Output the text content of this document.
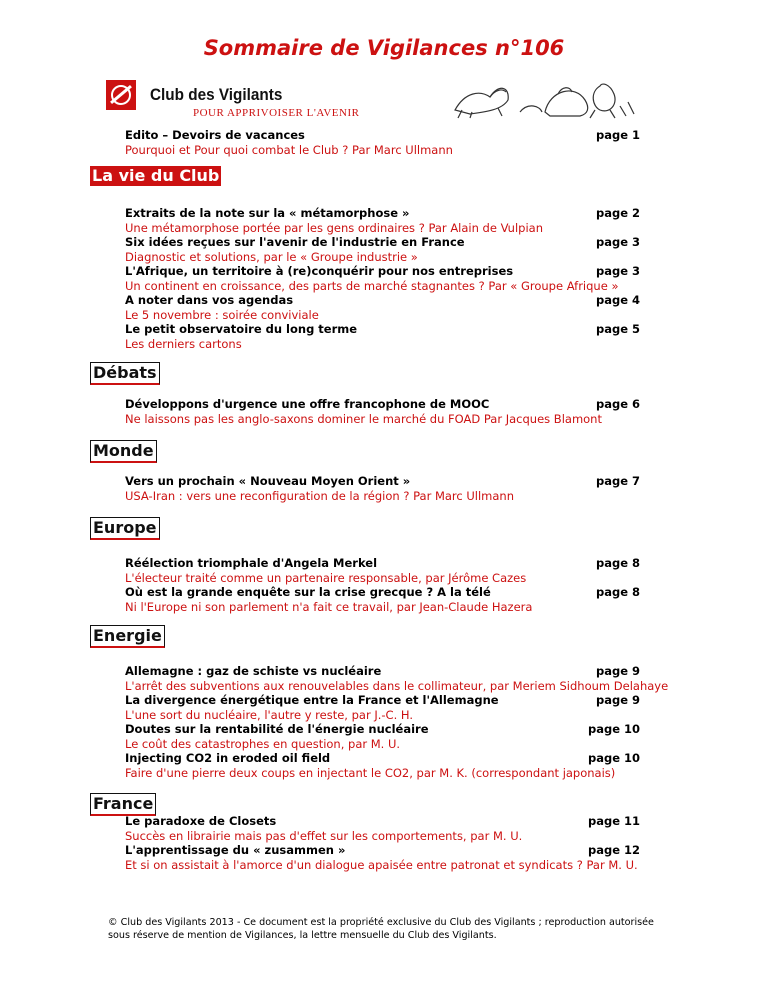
Sommaire de Vigilances n°106
Club des Vigilants
POUR APPRIVOISER L'AVENIR
Edito – Devoirs de vacances	page 1
Pourquoi et Pour quoi combat le Club ? Par Marc Ullmann
La vie du Club
Extraits de la note sur la « métamorphose »	page 2
Une métamorphose portée par les gens ordinaires ? Par Alain de Vulpian
Six idées reçues sur l'avenir de l'industrie en France	page 3
Diagnostic et solutions, par le « Groupe industrie »
L'Afrique, un territoire à (re)conquérir pour nos entreprises	page 3
Un continent en croissance, des parts de marché stagnantes ? Par « Groupe Afrique »
A noter dans vos agendas	page 4
Le 5 novembre : soirée conviviale
Le petit observatoire du long terme	page 5
Les derniers cartons
Débats
Développons d'urgence une offre francophone de MOOC	page 6
Ne laissons pas les anglo-saxons dominer le marché du FOAD Par Jacques Blamont
Monde
Vers un prochain « Nouveau Moyen Orient »	page 7
USA-Iran : vers une reconfiguration de la région ? Par Marc Ullmann
Europe
Réélection triomphale d'Angela Merkel	page 8
L'électeur traité comme un partenaire responsable, par Jérôme Cazes
Où est la grande enquête sur la crise grecque ? A la télé	page 8
Ni l'Europe ni son parlement n'a fait ce travail, par Jean-Claude Hazera
Energie
Allemagne : gaz de schiste vs nucléaire	page 9
L'arrêt des subventions aux renouvelables dans le collimateur, par Meriem Sidhoum Delahaye
La divergence énergétique entre la France et l'Allemagne	page 9
L'une sort du nucléaire, l'autre y reste, par J.-C. H.
Doutes sur la rentabilité de l'énergie nucléaire	page 10
Le coût des catastrophes en question, par M. U.
Injecting CO2 in eroded oil field	page 10
Faire d'une pierre deux coups en injectant le CO2, par M. K. (correspondant japonais)
France
Le paradoxe de Closets	page 11
Succès en librairie mais pas d'effet sur les comportements, par M. U.
L'apprentissage du « zusammen »	page 12
Et si on assistait à l'amorce d'un dialogue apaisée entre patronat et syndicats ? Par M. U.
© Club des Vigilants 2013 - Ce document est la propriété exclusive du Club des Vigilants ; reproduction autorisée sous réserve de mention de Vigilances, la lettre mensuelle du Club des Vigilants.
